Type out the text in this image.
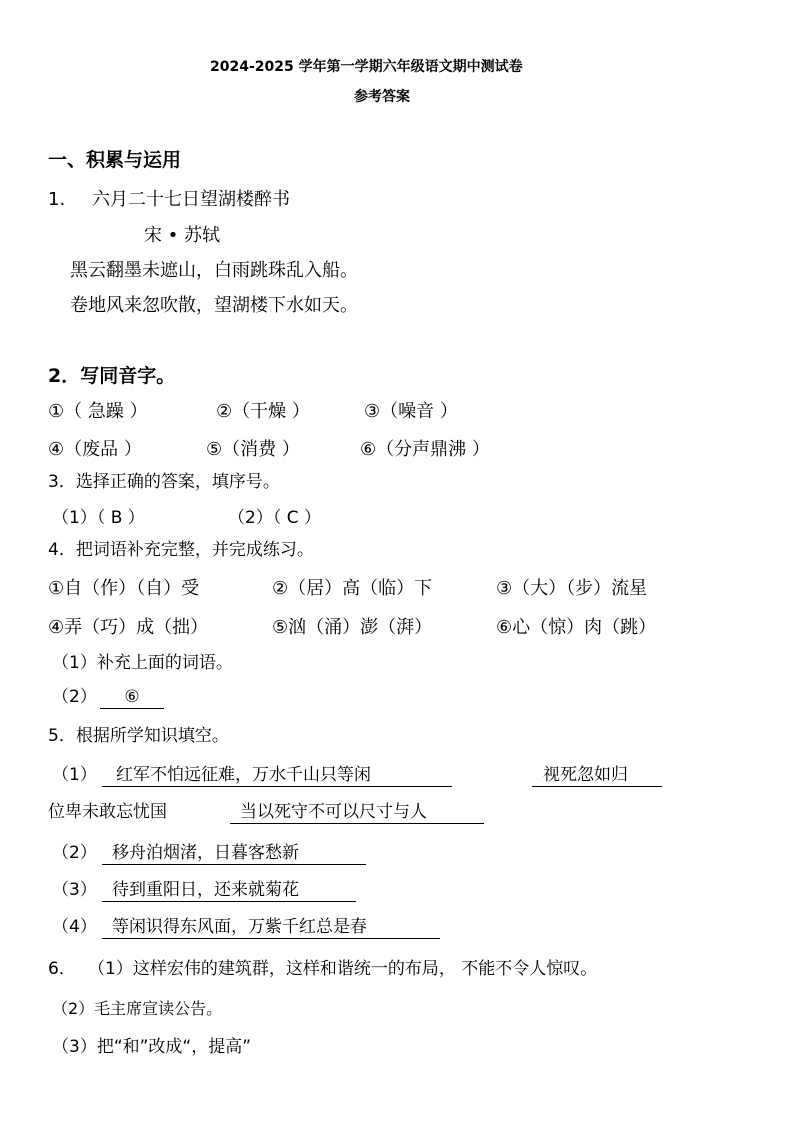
2024-2025 学年第一学期六年级语文期中测试卷
参考答案
一、积累与运用
1. 六月二十七日望湖楼醉书
宋 • 苏轼
黑云翻墨未遮山，白雨跳珠乱入船。
卷地风来忽吹散，望湖楼下水如天。
2．写同音字。
①（ 急躁 ）	②（干燥 ）	③（噪音 ）
④（废品 ）	⑤（消费 ）	⑥（分声鼎沸 ）
3．选择正确的答案，填序号。
（1）（ B ）	（2）（ C ）
4．把词语补充完整，并完成练习。
①自（作）（自）受	②（居）高（临）下	③（大）（步）流星
④弄（巧）成（拙）	⑤汹（涌）澎（湃）	⑥心（惊）肉（跳）
（1）补充上面的词语。
（2）	⑥
5．根据所学知识填空。
（1）	红军不怕远征难，万水千山只等闲	视死忽如归
位卑未敢忘忧国	当以死守不可以尺寸与人
（2） 移舟泊烟渚，日暮客愁新
（3） 待到重阳日，还来就菊花
（4） 等闲识得东风面，万紫千红总是春
6． （1）这样宏伟的建筑群，这样和谐统一的布局， 不能不令人惊叹。
（2）毛主席宣读公告。
（3）把“和”改成“，提高”
